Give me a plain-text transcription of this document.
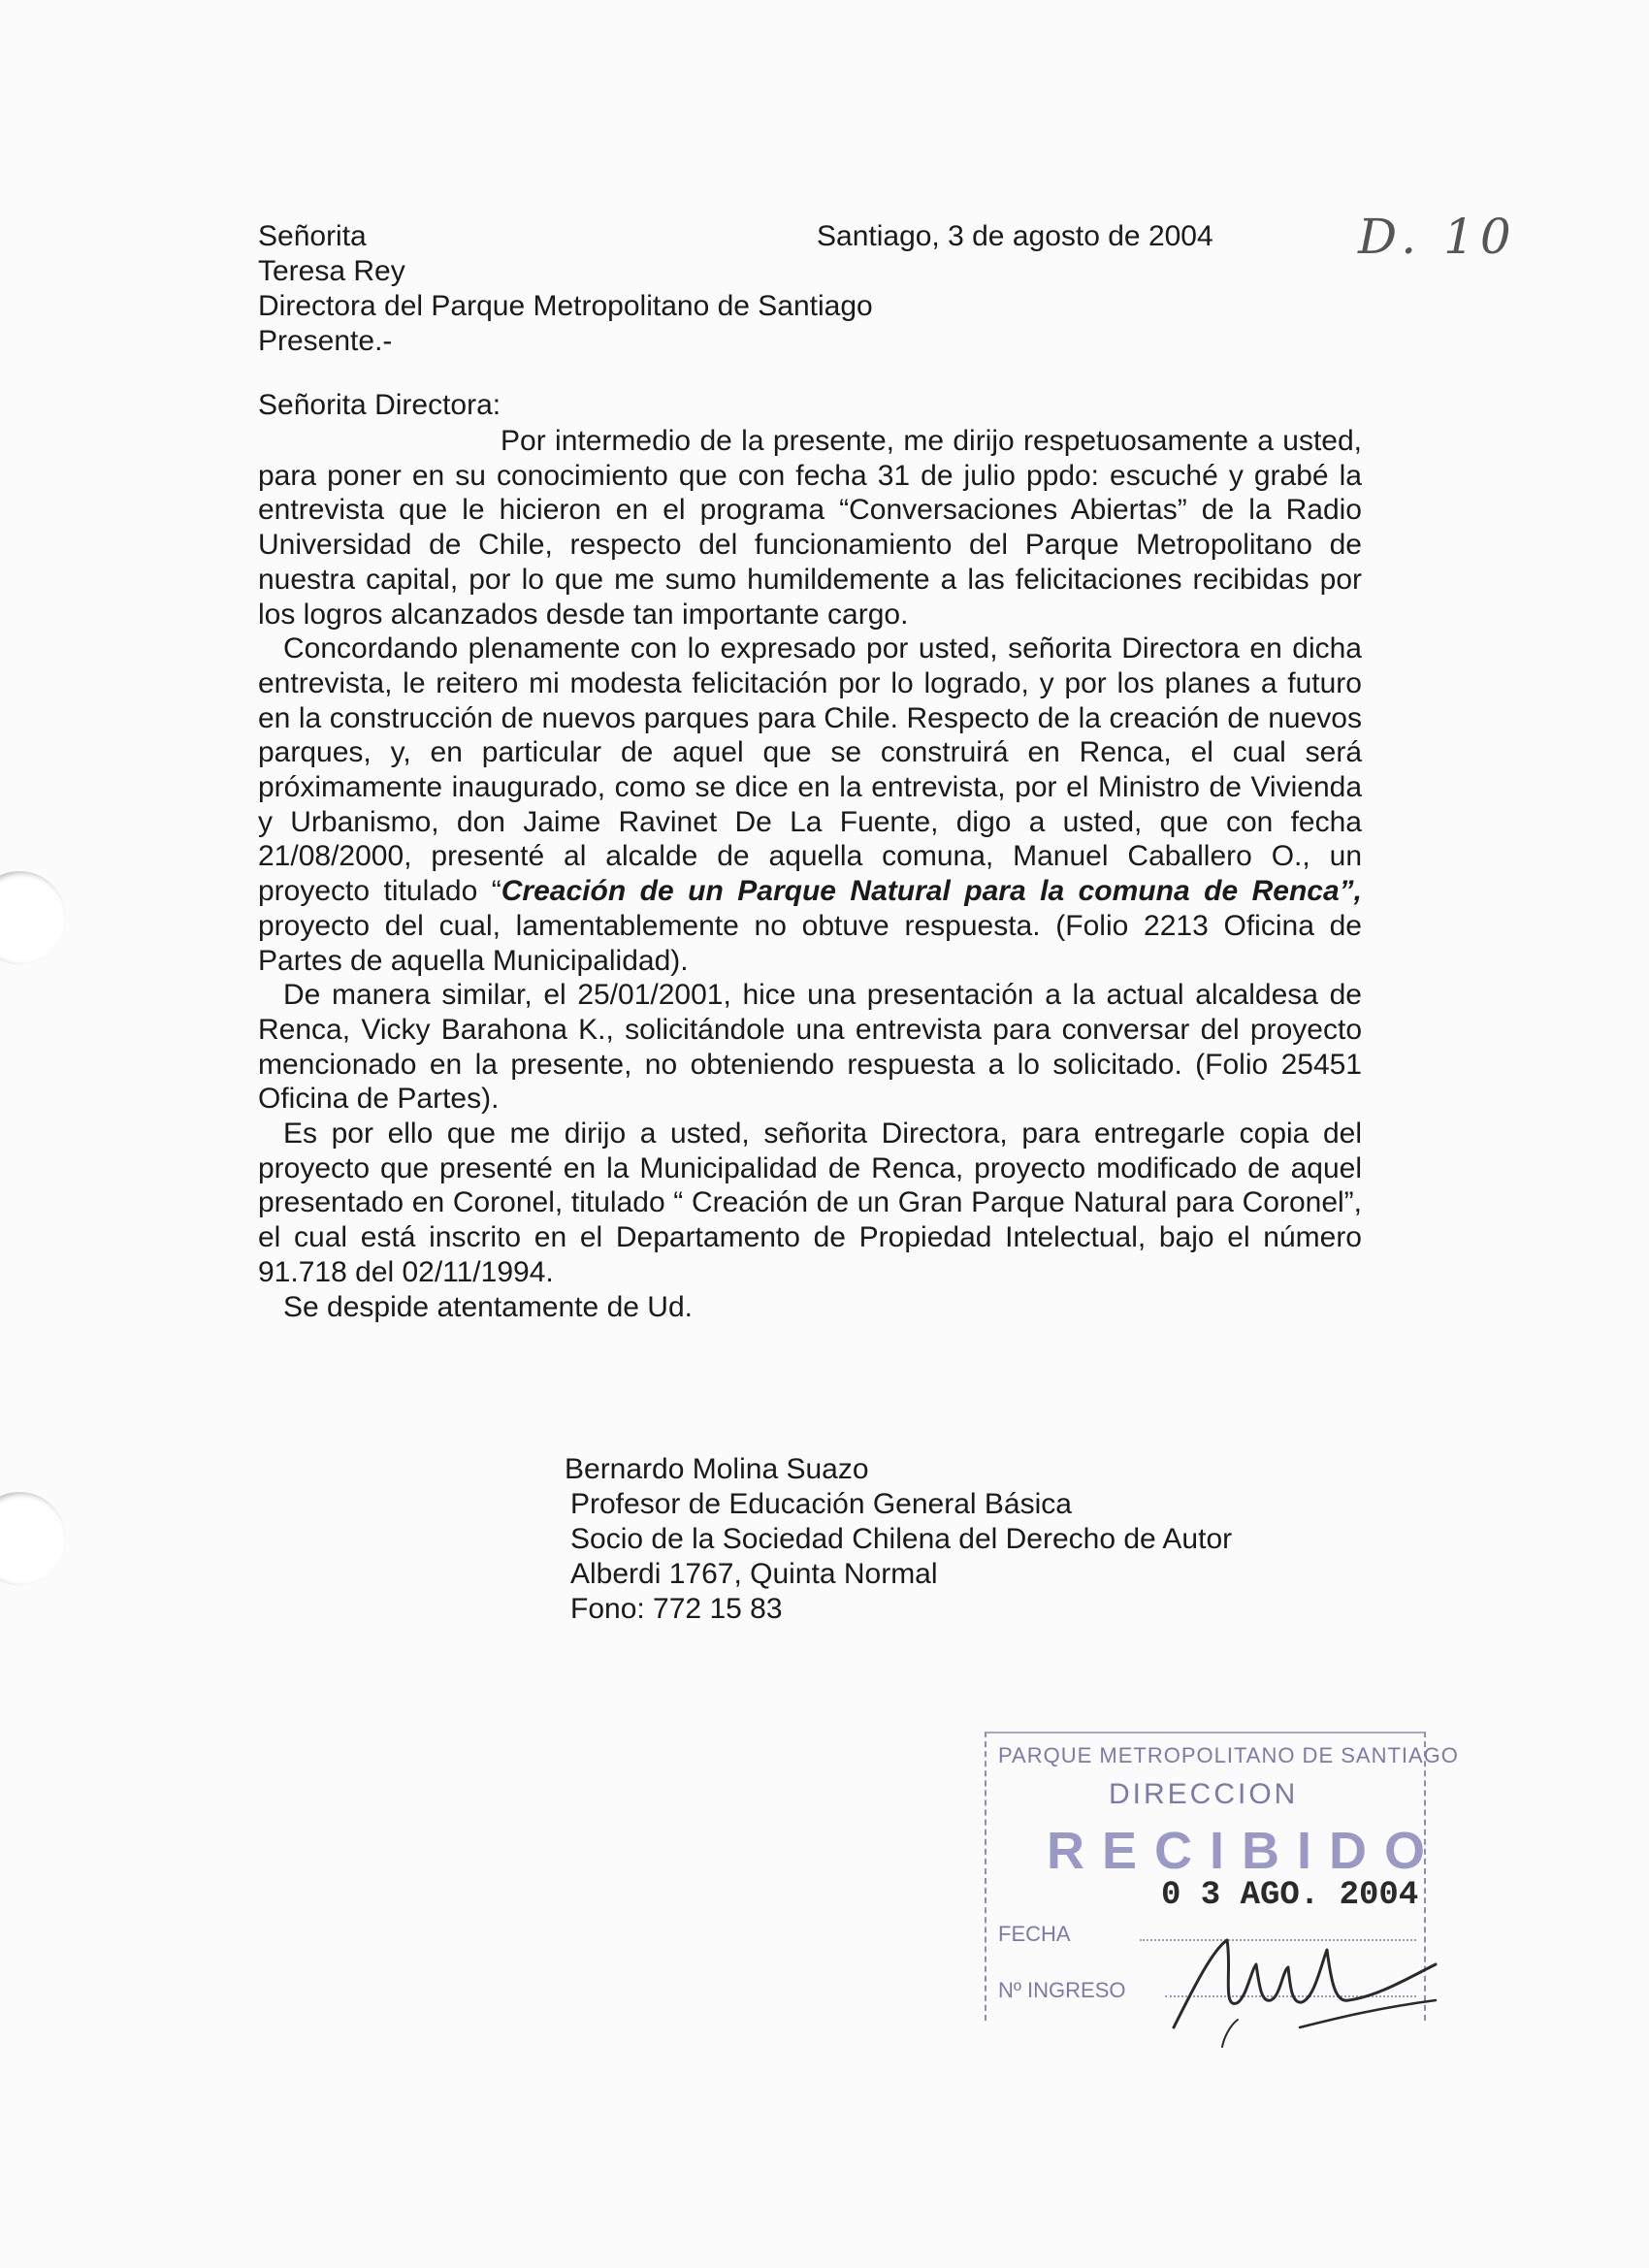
Señorita
Teresa Rey
Directora del Parque Metropolitano de Santiago
Presente.-
Santiago, 3 de agosto de 2004	D. 10
Señorita Directora:

Por intermedio de la presente, me dirijo respetuosamente a usted, para poner en su conocimiento que con fecha 31 de julio ppdo: escuché y grabé la entrevista que le hicieron en el programa “Conversaciones Abiertas” de la Radio Universidad de Chile, respecto del funcionamiento del Parque Metropolitano de nuestra capital, por lo que me sumo humildemente a las felicitaciones recibidas por los logros alcanzados desde tan importante cargo.

Concordando plenamente con lo expresado por usted, señorita Directora en dicha entrevista, le reitero mi modesta felicitación por lo logrado, y por los planes a futuro en la construcción de nuevos parques para Chile. Respecto de la creación de nuevos parques, y, en particular de aquel que se construirá en Renca, el cual será próximamente inaugurado, como se dice en la entrevista, por el Ministro de Vivienda y Urbanismo, don Jaime Ravinet De La Fuente, digo a usted, que con fecha 21/08/2000, presenté al alcalde de aquella comuna, Manuel Caballero O., un proyecto titulado “Creación de un Parque Natural para la comuna de Renca”, proyecto del cual, lamentablemente no obtuve respuesta. (Folio 2213 Oficina de Partes de aquella Municipalidad).

De manera similar, el 25/01/2001, hice una presentación a la actual alcaldesa de Renca, Vicky Barahona K., solicitándole una entrevista para conversar del proyecto mencionado en la presente, no obteniendo respuesta a lo solicitado. (Folio 25451 Oficina de Partes).

Es por ello que me dirijo a usted, señorita Directora, para entregarle copia del proyecto que presenté en la Municipalidad de Renca, proyecto modificado de aquel presentado en Coronel, titulado “ Creación de un Gran Parque Natural para Coronel”, el cual está inscrito en el Departamento de Propiedad Intelectual, bajo el número 91.718 del 02/11/1994.

Se despide atentamente de Ud.

Bernardo Molina Suazo
Profesor de Educación General Básica
Socio de la Sociedad Chilena del Derecho de Autor
Alberdi 1767, Quinta Normal
Fono: 772 15 83
PARQUE METROPOLITANO DE SANTIAGO
DIRECCION
RECIBIDO
0 3 AGO. 2004
FECHA
Nº INGRESO
